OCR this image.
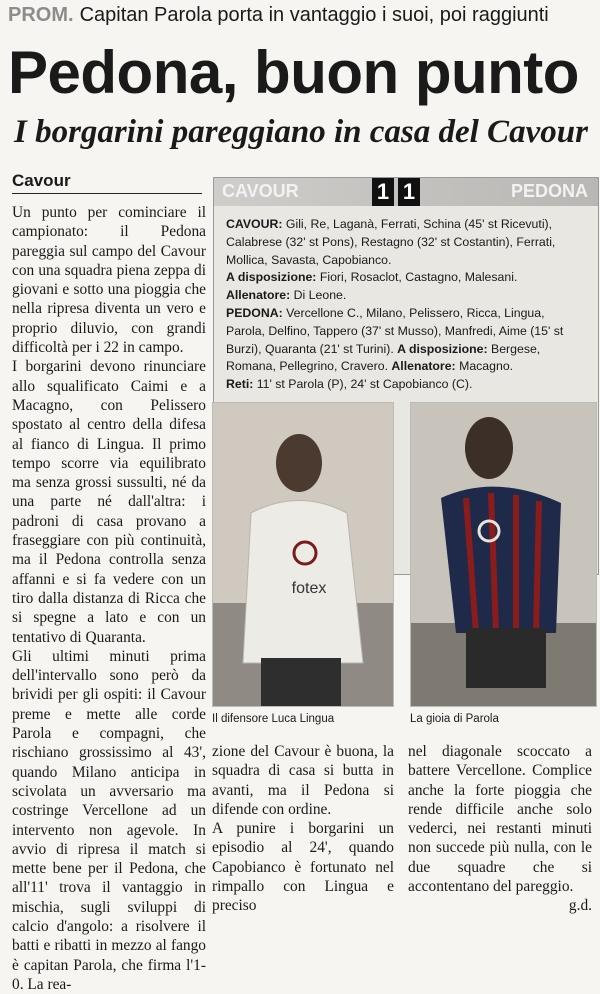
PROM. Capitan Parola porta in vantaggio i suoi, poi raggiunti
Pedona, buon punto
I borgarini pareggiano in casa del Cavour
Cavour

Un punto per cominciare il campionato: il Pedona pareggia sul campo del Cavour con una squadra piena zeppa di giovani e sotto una pioggia che nella ripresa diventa un vero e proprio diluvio, con grandi difficoltà per i 22 in campo.

I borgarini devono rinunciare allo squalificato Caimi e a Macagno, con Pelissero spostato al centro della difesa al fianco di Lingua. Il primo tempo scorre via equilibrato ma senza grossi sussulti, né da una parte né dall'altra: i padroni di casa provano a fraseggiare con più continuità, ma il Pedona controlla senza affanni e si fa vedere con un tiro dalla distanza di Ricca che si spegne a lato e con un tentativo di Quaranta.

Gli ultimi minuti prima dell'intervallo sono però da brividi per gli ospiti: il Cavour preme e mette alle corde Parola e compagni, che rischiano grossissimo al 43', quando Milano anticipa in scivolata un avversario ma costringe Vercellone ad un intervento non agevole. In avvio di ripresa il match si mette bene per il Pedona, che all'11' trova il vantaggio in mischia, sugli sviluppi di calcio d'angolo: a risolvere il batti e ribatti in mezzo al fango è capitan Parola, che firma l'1-0. La rea-

CAVOUR	1 1	PEDONA

CAVOUR: Gili, Re, Laganà, Ferrati, Schina (45' st Ricevuti), Calabrese (32' st Pons), Restagno (32' st Costantin), Ferrati, Mollica, Savasta, Capobianco.

A disposizione: Fiori, Rosaclot, Castagno, Malesani.

Allenatore: Di Leone.

PEDONA: Vercellone C., Milano, Pelissero, Ricca, Lingua, Parola, Delfino, Tappero (37' st Musso), Manfredi, Aime (15' st Burzi), Quaranta (21' st Turini). A disposizione: Bergese, Romana, Pellegrino, Cravero. Allenatore: Macagno.

Reti: 11' st Parola (P), 24' st Capobianco (C).

fotex
Il difensore Luca Lingua	La gioia di Parola

zione del Cavour è buona, la squadra di casa si butta in avanti, ma il Pedona si difende con ordine.

A punire i borgarini un episodio al 24', quando Capobianco è fortunato nel rimpallo con Lingua e preciso

nel diagonale scoccato a battere Vercellone. Complice anche la forte pioggia che rende difficile anche solo vederci, nei restanti minuti non succede più nulla, con le due squadre che si accontentano del pareggio.
g.d.
